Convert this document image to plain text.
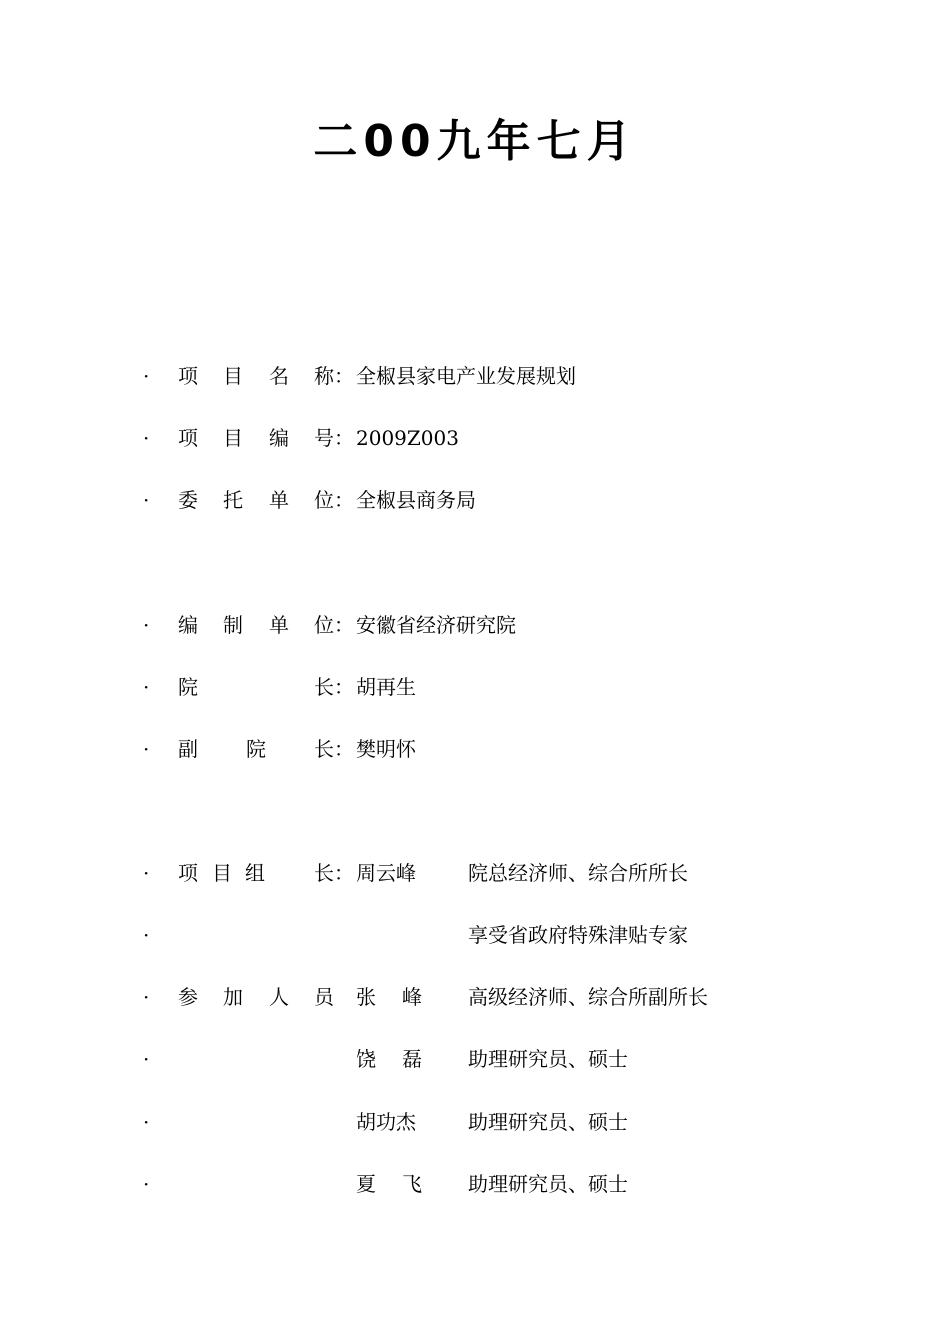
二00九年七月
· 项 目 名 称 ： 全椒县家电产业发展规划
· 项 目 编 号 ： 2009Z003
· 委 托 单 位 ： 全椒县商务局
· 编 制 单 位 ： 安徽省经济研究院
· 院	长 ： 胡再生
· 副 院 长 ： 樊明怀
· 项 目 组 长 ： 周云峰	院总经济师、综合所所长
·	享受省政府特殊津贴专家
· 参 加 人 员 张 峰 高级经济师、综合所副所长
·	饶 磊 助理研究员、硕士
·	胡功杰	助理研究员、硕士
·	夏 飞 助理研究员、硕士
